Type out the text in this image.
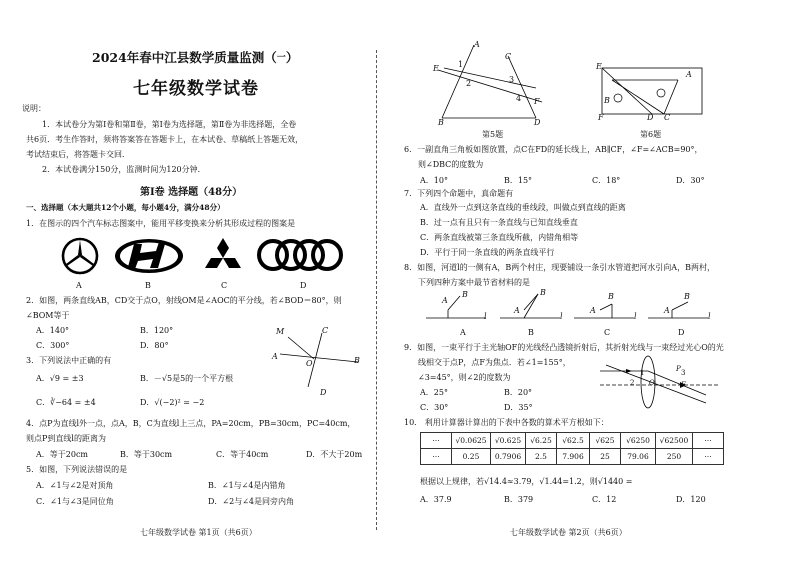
2024年春中江县数学质量监测（一）
七年级数学试卷
说明：
1．本试卷分为第Ⅰ卷和第Ⅱ卷，第Ⅰ卷为选择题，第Ⅱ卷为非选择题，全卷
共6页．考生作答时，须将答案答在答题卡上，在本试卷、草稿纸上答题无效，
考试结束后，将答题卡交回．
2．本试卷满分150分，监测时间为120分钟．
第Ⅰ卷 选择题（48分）
一、选择题（本大题共12个小题，每小题4分，满分48分）
1．在图示的四个汽车标志图案中，能用平移变换来分析其形成过程的图案是
A	B	C	D
2．如图，两条直线AB，CD交于点O，射线OM是∠AOC的平分线，若∠BOD＝80°，则
∠BOM等于
A．140°	B．120°
C．300°	D．80°
M	C
A
O	B
D
3．下列说法中正确的有
A．√9 = ±3	B．－√5是5的一个平方根
C．∛−64 = ±4	D．√(−2)² = −2
4．点P为直线l外一点，点A，B，C为直线l上三点，PA=20cm，PB=30cm，PC=40cm，
则点P到直线l的距离为
A．等于20cm	B．等于30cm	C．等于40cm	D．不大于20m
5．如图，下列说法错误的是
A．∠1与∠2是对顶角	B．∠1与∠4是内错角
C．∠1与∠3是同位角	D．∠2与∠4是同旁内角
七年级数学试卷 第1页（共6页）
A
C
E 1
2	3
4 F
B	D
第5题
E
A
F
B
D C
第6题
6．一副直角三角板如图放置，点C在FD的延长线上，AB∥CF，∠F=∠ACB=90°，
则∠DBC的度数为
A．10°	B．15°	C．18°	D．30°
7．下列四个命题中，真命题有
A．直线外一点到这条直线的垂线段，叫做点到直线的距离
B．过一点有且只有一条直线与已知直线垂直
C．两条直线被第三条直线所截，内错角相等
D．平行于同一条直线的两条直线平行
8．如图，河道l的一侧有A，B两个村庄，现要铺设一条引水管道把河水引向A，B两村，
下列四种方案中最节省材料的是
A
B
l
A
B
l
A
B
l
A
B
l
A	B	C	D
9．如图，一束平行于主光轴OF的光线经凸透镜折射后，其折射光线与一束经过光心O的光
线相交于点P，点F为焦点．若∠1=155°，
∠3=45°，则∠2的度数为
A．25°	B．20°
C．30°	D．35°
1
2
3
P
O	F
10． 利用计算器计算出的下表中各数的算术平方根如下：
···	√0.0625	√0.625	√6.25	√62.5	√625	√6250	√62500	···
···	0.25	0.7906	2.5	7.906	25	79.06	250	···
根据以上规律，若√14.4≈3.79，√1.44=1.2，则√1440 =
A．37.9	B．379	C．12	D．120
七年级数学试卷 第2页（共6页）
